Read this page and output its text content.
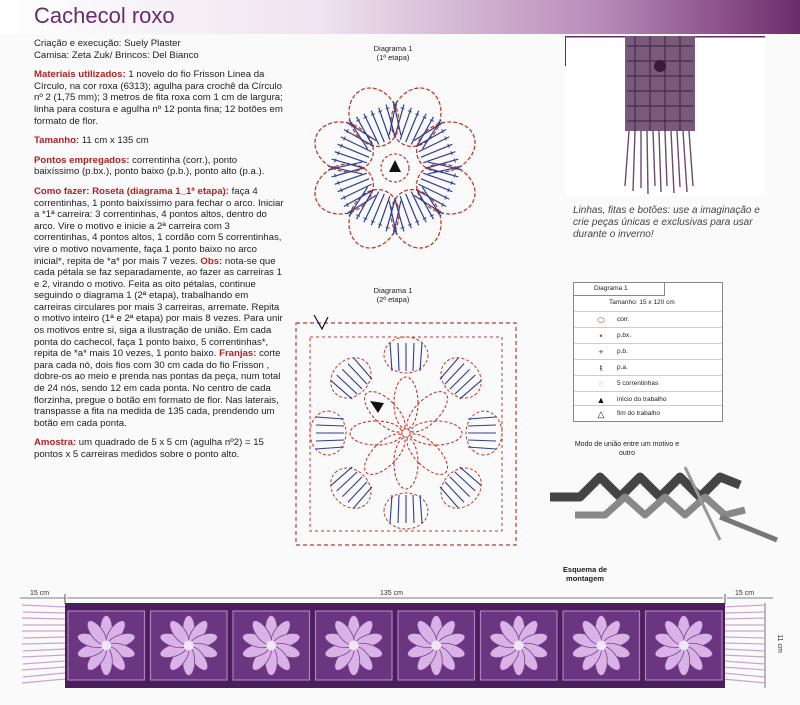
Cachecol roxo

Criação e execução: Suely Plaster
Camisa: Zeta Zuk/ Brincos: Del Bianco

Materiais utilizados: 1 novelo do fio Frisson Linea da Círculo, na cor roxa (6313); agulha para crochê da Círculo nº 2 (1,75 mm); 3 metros de fita roxa com 1 cm de largura; linha para costura e agulha nº 12 ponta fina; 12 botões em formato de flor.

Tamanho: 11 cm x 135 cm

Pontos empregados: correntinha (corr.), ponto baixíssimo (p.bx.), ponto baixo (p.b.), ponto alto (p.a.).

Como fazer: Roseta (diagrama 1_1ª etapa): faça 4 correntinhas, 1 ponto baixíssimo para fechar o arco. Iniciar a *1ª carreira: 3 correntinhas, 4 pontos altos, dentro do arco. Vire o motivo e inicie a 2ª carreira com 3 correntinhas, 4 pontos altos, 1 cordão com 5 correntinhas, vire o motivo novamente, faça 1 ponto baixo no arco inicial*, repita de *a* por mais 7 vezes. Obs: nota-se que cada pétala se faz separadamente, ao fazer as carreiras 1 e 2, virando o motivo. Feita as oito pétalas, continue seguindo o diagrama 1 (2ª etapa), trabalhando em carreiras circulares por mais 3 carreiras, arremate. Repita o motivo inteiro (1ª e 2ª etapa) por mais 8 vezes. Para unir os motivos entre si, siga a ilustração de união. Em cada ponta do cachecol, faça 1 ponto baixo, 5 correntinhas*, repita de *a* mais 10 vezes, 1 ponto baixo. Franjas: corte para cada nó, dois fios com 30 cm cada do fio Frisson , dobre-os ao meio e prenda nas pontas da peça, num total de 24 nós, sendo 12 em cada ponta. No centro de cada florzinha, pregue o botão em formato de flor. Nas laterais, transpasse a fita na medida de 135 cada, prendendo um botão em cada ponta.

Amostra: um quadrado de 5 x 5 cm (agulha nº2) = 15 pontos x 5 carreiras medidos sobre o ponto alto.

Diagrama 1
(1ª etapa)
Diagrama 1
(2ª etapa)
Linhas, fitas e botões: use a imaginação e crie peças únicas e exclusivas para usar durante o inverno!
Diagrama 1
Tamanho: 15 x 120 cm
⬭	corr.
•	p.bx.
+	p.b.
ŧ	p.a.
◌	5 correntinhas
▲	início do trabalho
△	fim do trabalho
Modo de união entre um motivo e outro
Esquema de montagem
15 cm	135 cm	15 cm
11 cm
